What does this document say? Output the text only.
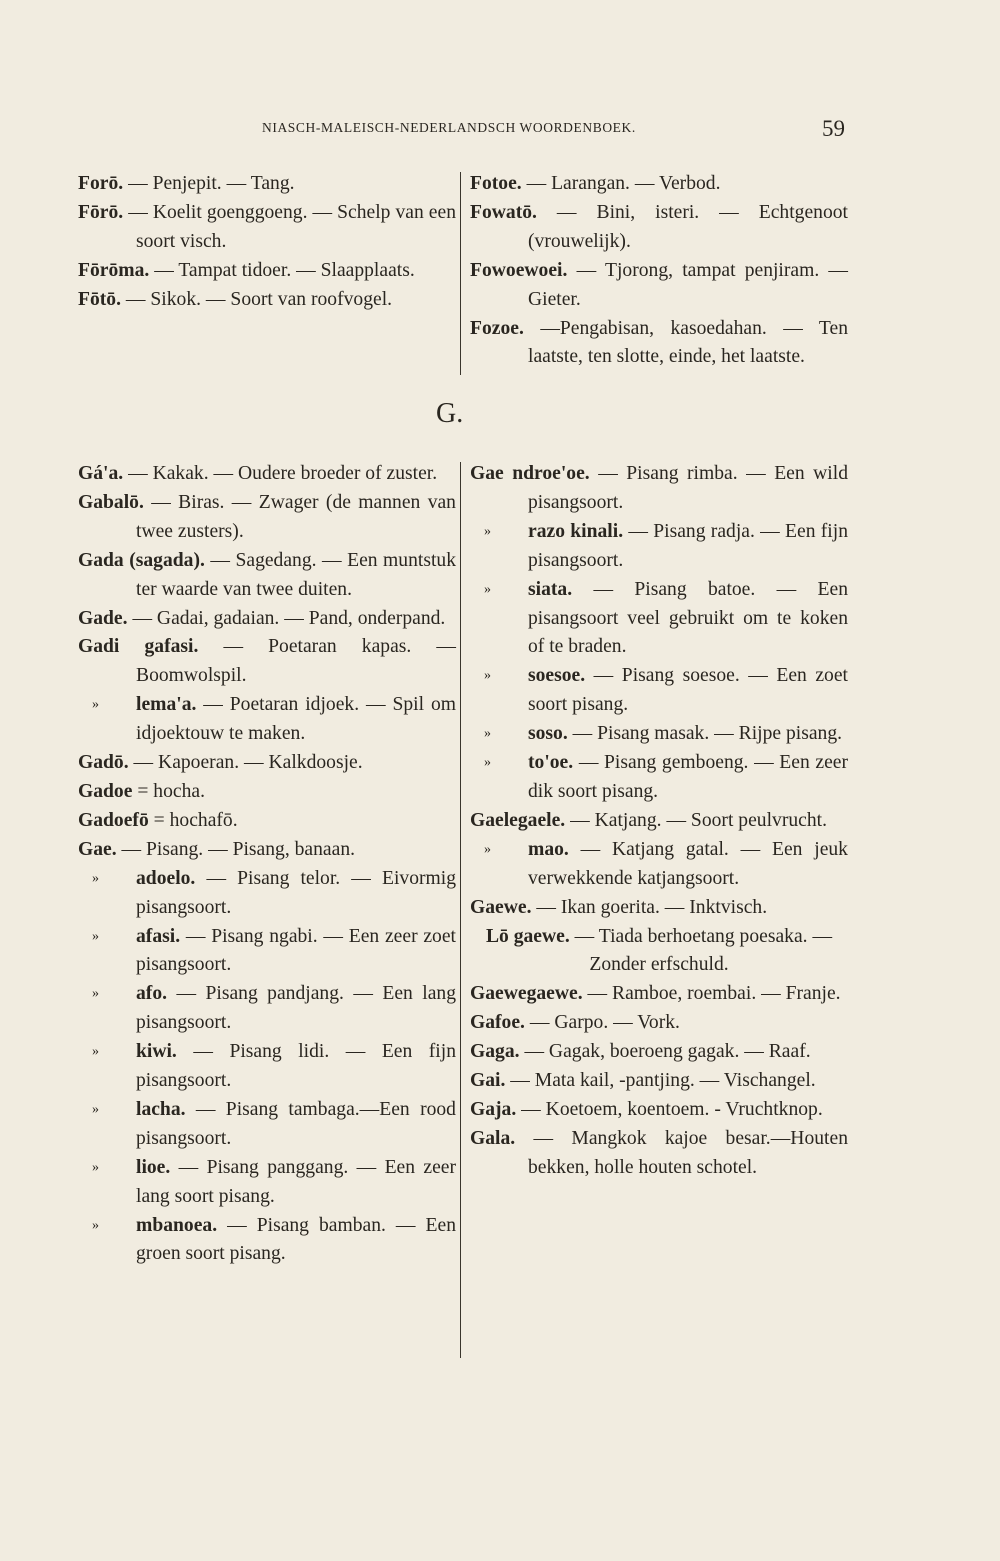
NIASCH-MALEISCH-NEDERLANDSCH WOORDENBOEK.	59
Forō. — Penjepit. — Tang.
Fōrō. — Koelit goenggoeng. — Schelp van een soort visch.
Fōrōma. — Tampat tidoer. — Slaapplaats.
Fōtō. — Sikok. — Soort van roofvogel.
Fotoe. — Larangan. — Verbod.
Fowatō. — Bini, isteri. — Echtgenoot (vrouwelijk).
Fowoewoei. — Tjorong, tampat penjiram. — Gieter.
Fozoe. —Pengabisan, kasoedahan. — Ten laatste, ten slotte, einde, het laatste.
G.
Gá'a. — Kakak. — Oudere broeder of zuster.
Gabalō. — Biras. — Zwager (de mannen van twee zusters).
Gada (sagada). — Sagedang. — Een muntstuk ter waarde van twee duiten.
Gade. — Gadai, gadaian. — Pand, onderpand.
Gadi gafasi. — Poetaran kapas. — Boomwolspil.
» lema'a. — Poetaran idjoek. — Spil om idjoektouw te maken.
Gadō. — Kapoeran. — Kalkdoosje.
Gadoe = hocha.
Gadoefō = hochafō.
Gae. — Pisang. — Pisang, banaan.
» adoelo. — Pisang telor. — Eivormig pisangsoort.
» afasi. — Pisang ngabi. — Een zeer zoet pisangsoort.
» afo. — Pisang pandjang. — Een lang pisangsoort.
» kiwi. — Pisang lidi. — Een fijn pisangsoort.
» lacha. — Pisang tambaga.—Een rood pisangsoort.
» lioe. — Pisang panggang. — Een zeer lang soort pisang.
» mbanoea. — Pisang bamban. — Een groen soort pisang.
Gae ndroe'oe. — Pisang rimba. — Een wild pisangsoort.
» razo kinali. — Pisang radja. — Een fijn pisangsoort.
» siata. — Pisang batoe. — Een pisangsoort veel gebruikt om te koken of te braden.
» soesoe. — Pisang soesoe. — Een zoet soort pisang.
» soso. — Pisang masak. — Rijpe pisang.
» to'oe. — Pisang gemboeng. — Een zeer dik soort pisang.
Gaelegaele. — Katjang. — Soort peulvrucht.
» mao. — Katjang gatal. — Een jeuk verwekkende katjangsoort.
Gaewe. — Ikan goerita. — Inktvisch.
Lō gaewe. — Tiada berhoetang poesaka. — Zonder erfschuld.
Gaewegaewe. — Ramboe, roembai. — Franje.
Gafoe. — Garpo. — Vork.
Gaga. — Gagak, boeroeng gagak. — Raaf.
Gai. — Mata kail, -pantjing. — Vischangel.
Gaja. — Koetoem, koentoem. - Vruchtknop.
Gala. — Mangkok kajoe besar.—Houten bekken, holle houten schotel.
